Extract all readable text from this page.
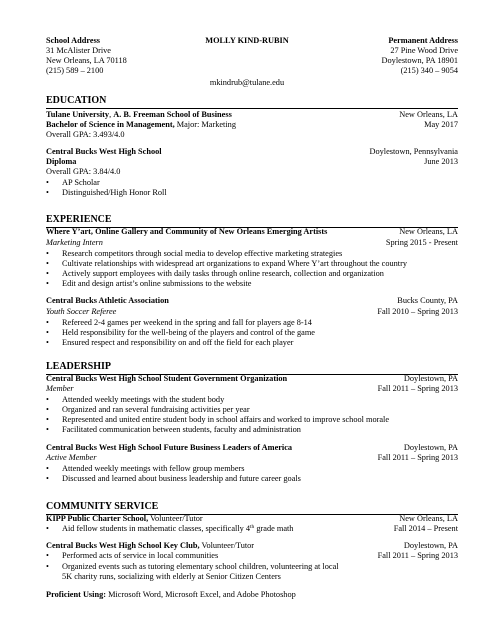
School Address
31 McAlister Drive
New Orleans, LA 70118
(215) 589 – 2100
MOLLY KIND-RUBIN
mkindrub@tulane.edu
Permanent Address
27 Pine Wood Drive
Doylestown, PA 18901
(215) 340 – 9054
EDUCATION
Tulane University, A. B. Freeman School of Business	New Orleans, LA
Bachelor of Science in Management, Major: Marketing	May 2017
Overall GPA: 3.493/4.0
Central Bucks West High School	Doylestown, Pennsylvania
Diploma	June 2013
Overall GPA: 3.84/4.0
• AP Scholar
• Distinguished/High Honor Roll
EXPERIENCE
Where Y’art, Online Gallery and Community of New Orleans Emerging Artists	New Orleans, LA
Marketing Intern	Spring 2015 - Present
• Research competitors through social media to develop effective marketing strategies
• Cultivate relationships with widespread art organizations to expand Where Y’art throughout the country
• Actively support employees with daily tasks through online research, collection and organization
• Edit and design artist’s online submissions to the website
Central Bucks Athletic Association	Bucks County, PA
Youth Soccer Referee	Fall 2010 – Spring 2013
• Refereed 2-4 games per weekend in the spring and fall for players age 8-14
• Held responsibility for the well-being of the players and control of the game
• Ensured respect and responsibility on and off the field for each player
LEADERSHIP
Central Bucks West High School Student Government Organization	Doylestown, PA
Member	Fall 2011 – Spring 2013
• Attended weekly meetings with the student body
• Organized and ran several fundraising activities per year
• Represented and united entire student body in school affairs and worked to improve school morale
• Facilitated communication between students, faculty and administration
Central Bucks West High School Future Business Leaders of America	Doylestown, PA
Active Member	Fall 2011 – Spring 2013
• Attended weekly meetings with fellow group members
• Discussed and learned about business leadership and future career goals
COMMUNITY SERVICE
KIPP Public Charter School, Volunteer/Tutor	New Orleans, LA
• Aid fellow students in mathematic classes, specifically 4th grade math	Fall 2014 – Present
Central Bucks West High School Key Club, Volunteer/Tutor	Doylestown, PA
• Performed acts of service in local communities	Fall 2011 – Spring 2013
• Organized events such as tutoring elementary school children, volunteering at local
5K charity runs, socializing with elderly at Senior Citizen Centers
Proficient Using: Microsoft Word, Microsoft Excel, and Adobe Photoshop
